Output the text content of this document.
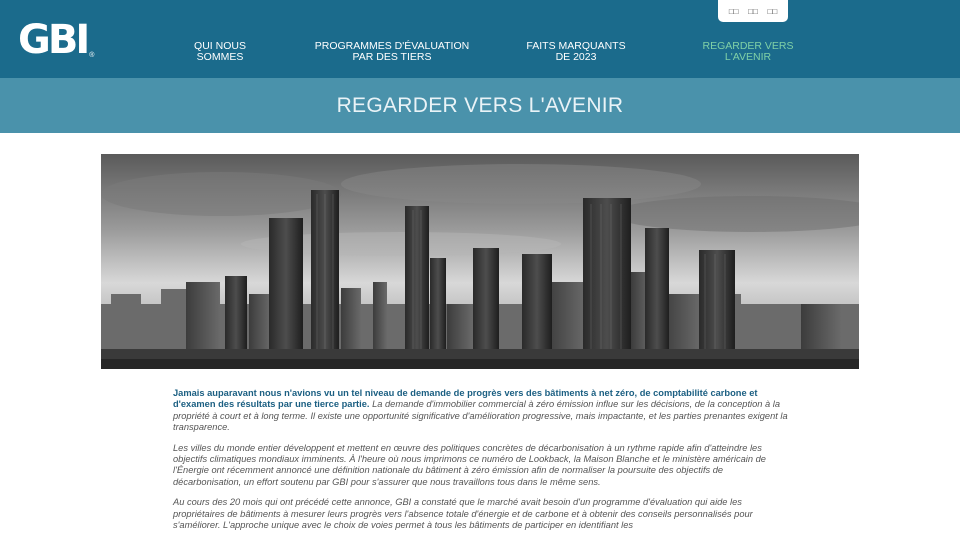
GBI ®
QUI NOUS
SOMMES
PROGRAMMES D'ÉVALUATION
PAR DES TIERS
FAITS MARQUANTS
DE 2023
REGARDER VERS
L'AVENIR
□□ □□ □□
REGARDER VERS L'AVENIR

Jamais auparavant nous n'avions vu un tel niveau de demande de progrès vers des bâtiments à net zéro, de comptabilité carbone et d'examen des résultats par une tierce partie. La demande d'immobilier commercial à zéro émission influe sur les décisions, de la conception à la propriété à court et à long terme. Il existe une opportunité significative d'amélioration progressive, mais impactante, et les parties prenantes exigent la transparence.

Les villes du monde entier développent et mettent en œuvre des politiques concrètes de décarbonisation à un rythme rapide afin d'atteindre les objectifs climatiques mondiaux imminents. À l'heure où nous imprimons ce numéro de Lookback, la Maison Blanche et le ministère américain de l'Énergie ont récemment annoncé une définition nationale du bâtiment à zéro émission afin de normaliser la poursuite des objectifs de décarbonisation, un effort soutenu par GBI pour s'assurer que nous travaillons tous dans le même sens.

Au cours des 20 mois qui ont précédé cette annonce, GBI a constaté que le marché avait besoin d'un programme d'évaluation qui aide les propriétaires de bâtiments à mesurer leurs progrès vers l'absence totale d'énergie et de carbone et à obtenir des conseils personnalisés pour s'améliorer. L'approche unique avec le choix de voies permet à tous les bâtiments de participer en identifiant les
